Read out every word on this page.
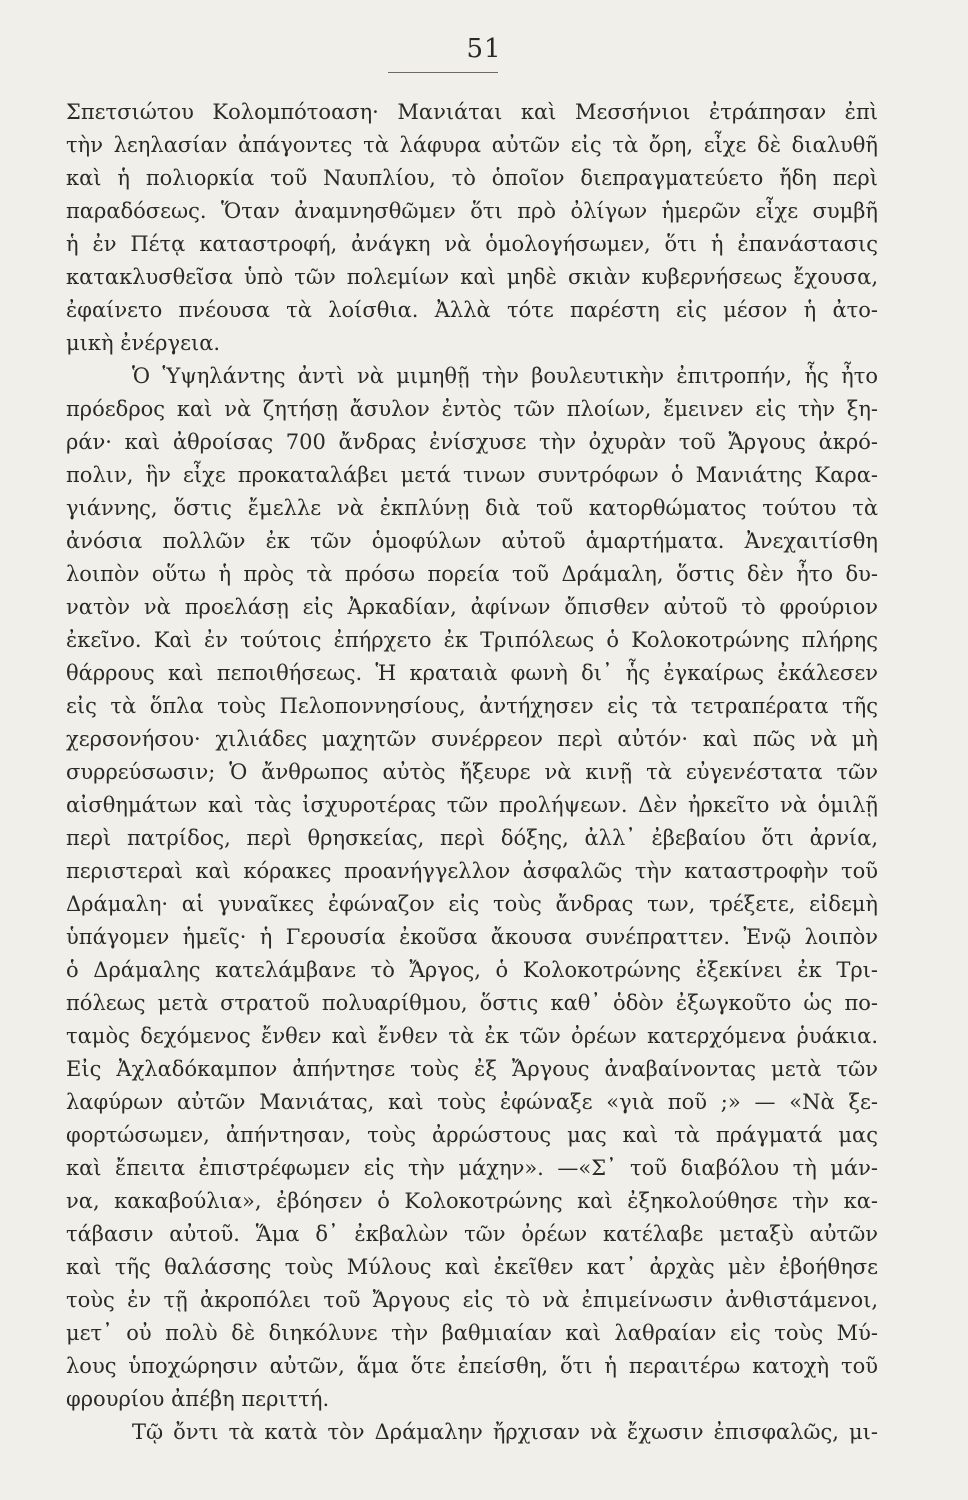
51
Σπετσιώτου Κολομπότοαση· Μανιάται καὶ Μεσσήνιοι ἐτράπησαν ἐπὶ
τὴν λεηλασίαν ἀπάγοντες τὰ λάφυρα αὐτῶν εἰς τὰ ὄρη, εἶχε δὲ διαλυθῆ
καὶ ἡ πολιορκία τοῦ Ναυπλίου, τὸ ὁποῖον διεπραγματεύετο ἤδη περὶ
παραδόσεως. Ὅταν ἀναμνησθῶμεν ὅτι πρὸ ὀλίγων ἡμερῶν εἶχε συμβῆ
ἡ ἐν Πέτᾳ καταστροφή, ἀνάγκη νὰ ὁμολογήσωμεν, ὅτι ἡ ἐπανάστασις
κατακλυσθεῖσα ὑπὸ τῶν πολεμίων καὶ μηδὲ σκιὰν κυβερνήσεως ἔχουσα,
ἐφαίνετο πνέουσα τὰ λοίσθια. Ἀλλὰ τότε παρέστη εἰς μέσον ἡ ἀτο-
μικὴ ἐνέργεια.
Ὁ Ὑψηλάντης ἀντὶ νὰ μιμηθῇ τὴν βουλευτικὴν ἐπιτροπήν, ἧς ἦτο
πρόεδρος καὶ νὰ ζητήσῃ ἄσυλον ἐντὸς τῶν πλοίων, ἔμεινεν εἰς τὴν ξη-
ράν· καὶ ἀθροίσας 700 ἄνδρας ἐνίσχυσε τὴν ὀχυρὰν τοῦ Ἄργους ἀκρό-
πολιν, ἣν εἶχε προκαταλάβει μετά τινων συντρόφων ὁ Μανιάτης Καρα-
γιάννης, ὅστις ἔμελλε νὰ ἐκπλύνῃ διὰ τοῦ κατορθώματος τούτου τὰ
ἀνόσια πολλῶν ἐκ τῶν ὁμοφύλων αὐτοῦ ἁμαρτήματα. Ἀνεχαιτίσθη
λοιπὸν οὕτω ἡ πρὸς τὰ πρόσω πορεία τοῦ Δράμαλη, ὅστις δὲν ἦτο δυ-
νατὸν νὰ προελάσῃ εἰς Ἀρκαδίαν, ἀφίνων ὄπισθεν αὐτοῦ τὸ φρούριον
ἐκεῖνο. Καὶ ἐν τούτοις ἐπήρχετο ἐκ Τριπόλεως ὁ Κολοκοτρώνης πλήρης
θάρρους καὶ πεποιθήσεως. Ἡ κραταιὰ φωνὴ δι᾽ ἧς ἐγκαίρως ἐκάλεσεν
εἰς τὰ ὅπλα τοὺς Πελοποννησίους, ἀντήχησεν εἰς τὰ τετραπέρατα τῆς
χερσονήσου· χιλιάδες μαχητῶν συνέρρεον περὶ αὐτόν· καὶ πῶς νὰ μὴ
συρρεύσωσιν; Ὁ ἄνθρωπος αὐτὸς ἤξευρε νὰ κινῇ τὰ εὐγενέστατα τῶν
αἰσθημάτων καὶ τὰς ἰσχυροτέρας τῶν προλήψεων. Δὲν ἠρκεῖτο νὰ ὁμιλῇ
περὶ πατρίδος, περὶ θρησκείας, περὶ δόξης, ἀλλ᾽ ἐβεβαίου ὅτι ἀρνία,
περιστεραὶ καὶ κόρακες προανήγγελλον ἀσφαλῶς τὴν καταστροφὴν τοῦ
Δράμαλη· αἱ γυναῖκες ἐφώναζον εἰς τοὺς ἄνδρας των, τρέξετε, εἰδεμὴ
ὑπάγομεν ἡμεῖς· ἡ Γερουσία ἐκοῦσα ἄκουσα συνέπραττεν. Ἐνῷ λοιπὸν
ὁ Δράμαλης κατελάμβανε τὸ Ἄργος, ὁ Κολοκοτρώνης ἐξεκίνει ἐκ Τρι-
πόλεως μετὰ στρατοῦ πολυαρίθμου, ὅστις καθ᾽ ὁδὸν ἐξωγκοῦτο ὡς πο-
ταμὸς δεχόμενος ἔνθεν καὶ ἔνθεν τὰ ἐκ τῶν ὀρέων κατερχόμενα ῥυάκια.
Εἰς Ἀχλαδόκαμπον ἀπήντησε τοὺς ἐξ Ἄργους ἀναβαίνοντας μετὰ τῶν
λαφύρων αὐτῶν Μανιάτας, καὶ τοὺς ἐφώναξε «γιὰ ποῦ ;» — «Νὰ ξε-
φορτώσωμεν, ἀπήντησαν, τοὺς ἀρρώστους μας καὶ τὰ πράγματά μας
καὶ ἔπειτα ἐπιστρέφωμεν εἰς τὴν μάχην». —«Σ᾽ τοῦ διαβόλου τὴ μάν-
να, κακαβούλια», ἐβόησεν ὁ Κολοκοτρώνης καὶ ἐξηκολούθησε τὴν κα-
τάβασιν αὐτοῦ. Ἅμα δ᾽ ἐκβαλὼν τῶν ὀρέων κατέλαβε μεταξὺ αὐτῶν
καὶ τῆς θαλάσσης τοὺς Μύλους καὶ ἐκεῖθεν κατ᾽ ἀρχὰς μὲν ἐβοήθησε
τοὺς ἐν τῇ ἀκροπόλει τοῦ Ἄργους εἰς τὸ νὰ ἐπιμείνωσιν ἀνθιστάμενοι,
μετ᾽ οὐ πολὺ δὲ διηκόλυνε τὴν βαθμιαίαν καὶ λαθραίαν εἰς τοὺς Μύ-
λους ὑποχώρησιν αὐτῶν, ἅμα ὅτε ἐπείσθη, ὅτι ἡ περαιτέρω κατοχὴ τοῦ
φρουρίου ἀπέβη περιττή.
Τῷ ὄντι τὰ κατὰ τὸν Δράμαλην ἤρχισαν νὰ ἔχωσιν ἐπισφαλῶς, μι-
